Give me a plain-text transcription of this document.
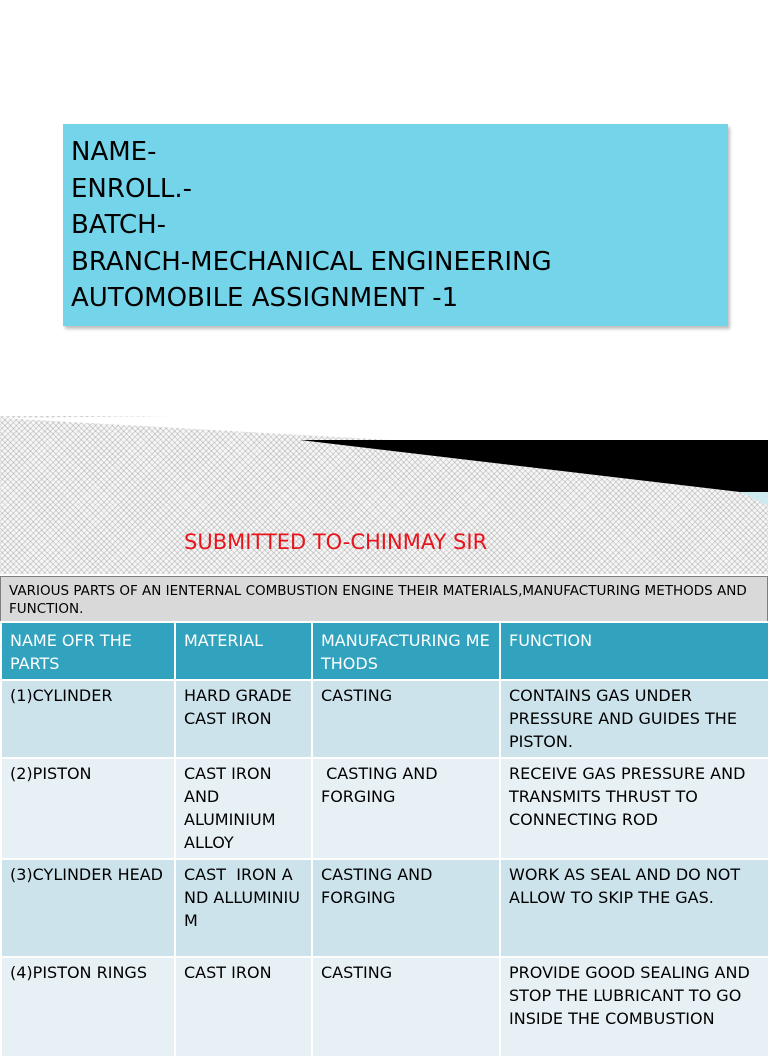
NAME-
ENROLL.-
BATCH-
BRANCH-MECHANICAL ENGINEERING
AUTOMOBILE ASSIGNMENT -1
SUBMITTED TO-CHINMAY SIR
VARIOUS PARTS OF AN IENTERNAL COMBUSTION ENGINE THEIR MATERIALS,MANUFACTURING METHODS AND FUNCTION.
NAME OFR THE PARTS	MATERIAL	MANUFACTURING METHODS	FUNCTION
(1)CYLINDER	HARD GRADE CAST IRON	CASTING	CONTAINS GAS UNDER PRESSURE AND GUIDES THE PISTON.
(2)PISTON	CAST IRON AND ALUMINIUM ALLOY	CASTING AND FORGING	RECEIVE GAS PRESSURE AND TRANSMITS THRUST TO CONNECTING ROD
(3)CYLINDER HEAD	CAST  IRON AND ALLUMINIUM	CASTING AND FORGING	WORK AS SEAL AND DO NOT ALLOW TO SKIP THE GAS.
(4)PISTON RINGS	CAST IRON	CASTING	PROVIDE GOOD SEALING AND STOP THE LUBRICANT TO GO INSIDE THE COMBUSTION
